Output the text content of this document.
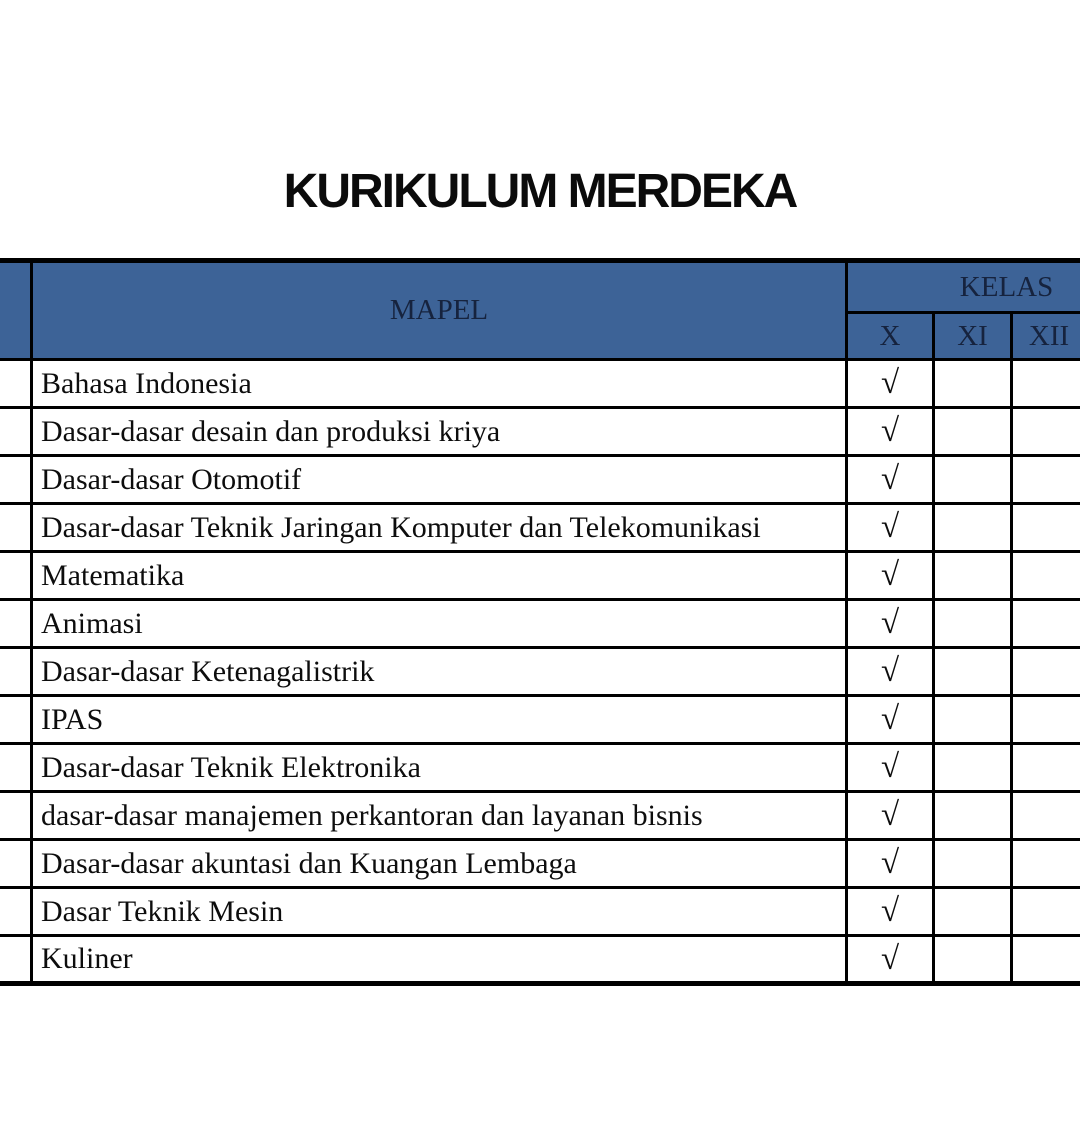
KURIKULUM MERDEKA
	MAPEL	KELAS		
		X	XI	XII
	Bahasa Indonesia	√		
	Dasar-dasar desain dan produksi kriya	√		
	Dasar-dasar Otomotif	√		
	Dasar-dasar Teknik Jaringan Komputer dan Telekomunikasi	√		
	Matematika	√		
	Animasi	√		
	Dasar-dasar Ketenagalistrik	√		
	IPAS	√		
	Dasar-dasar Teknik Elektronika	√		
	dasar-dasar manajemen perkantoran dan layanan bisnis	√		
	Dasar-dasar akuntasi dan Kuangan Lembaga	√		
	Dasar Teknik Mesin	√		
	Kuliner	√		
